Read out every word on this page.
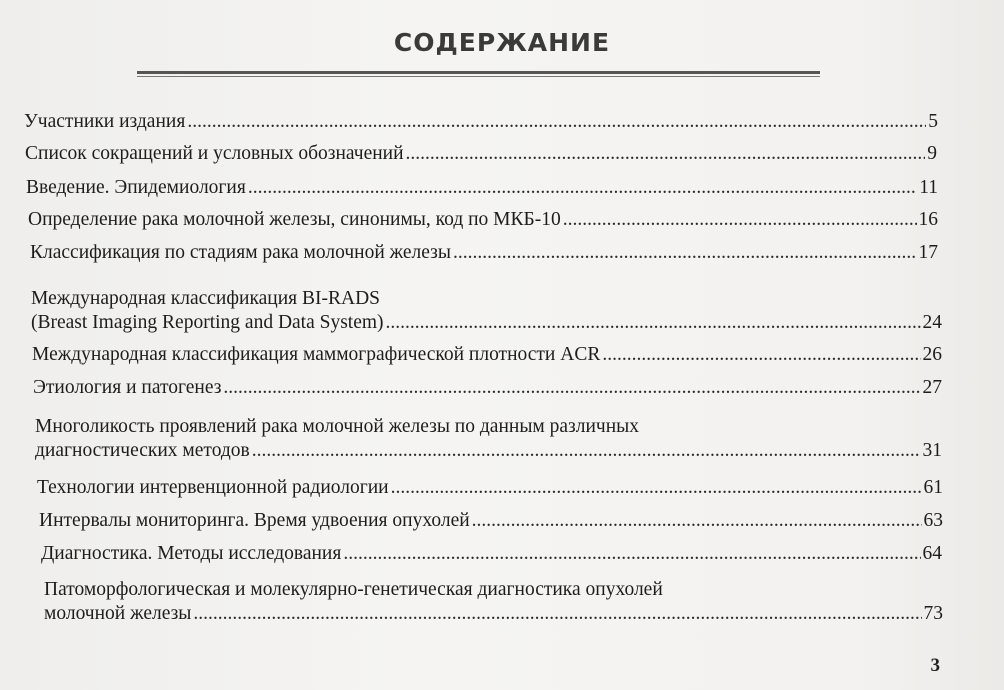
СОДЕРЖАНИЕ
Участники издания .....	5
Список сокращений и условных обозначений .....	9
Введение. Эпидемиология .....	11
Определение рака молочной железы, синонимы, код по МКБ-10 .....	16
Классификация по стадиям рака молочной железы .....	17
Международная классификация BI-RADS
(Breast Imaging Reporting and Data System) .....	24
Международная классификация маммографической плотности ACR .....	26
Этиология и патогенез .....	27
Многоликость проявлений рака молочной железы по данным различных
диагностических методов .....	31
Технологии интервенционной радиологии .....	61
Интервалы мониторинга. Время удвоения опухолей .....	63
Диагностика. Методы исследования .....	64
Патоморфологическая и молекулярно-генетическая диагностика опухолей
молочной железы .....	73
3
